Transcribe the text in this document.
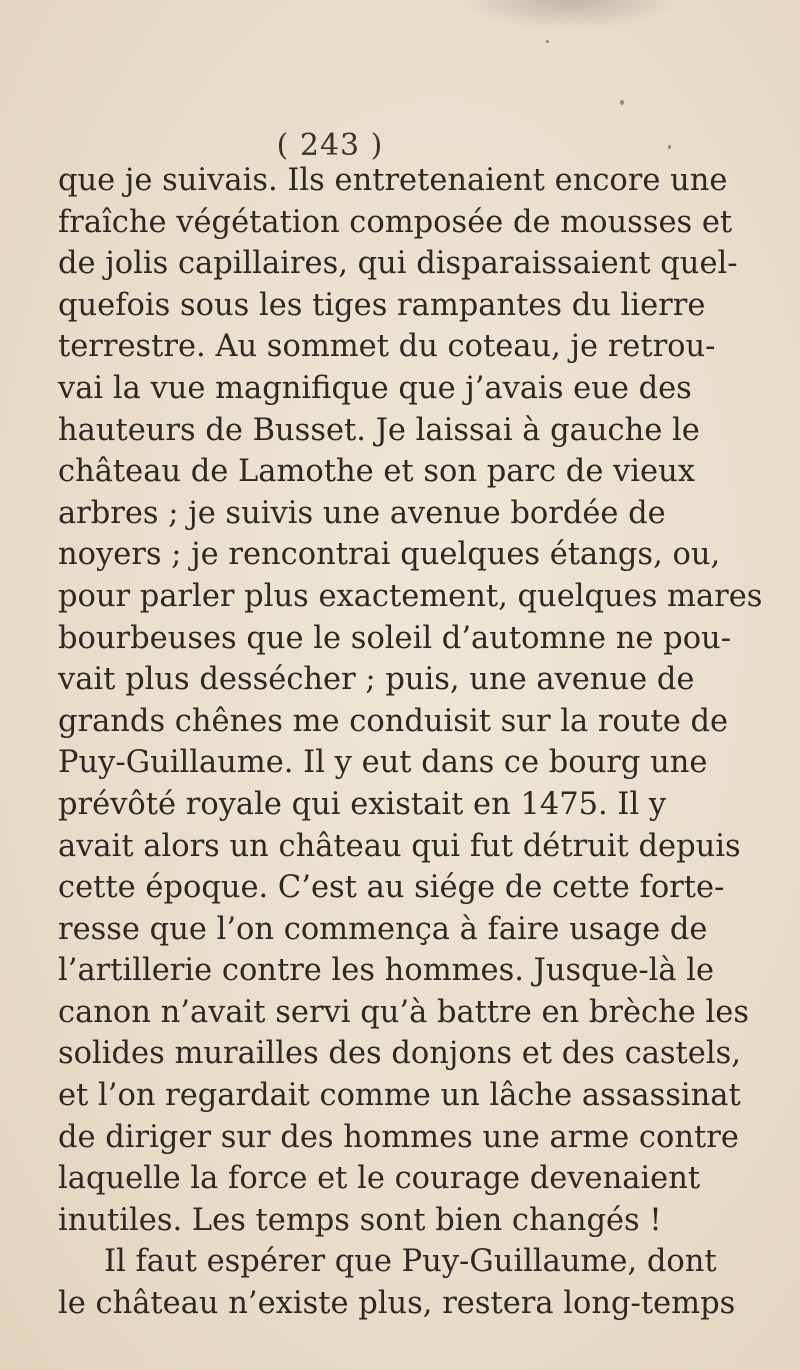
( 243 )
que je suivais. Ils entretenaient encore une
fraîche végétation composée de mousses et
de jolis capillaires, qui disparaissaient quel-
quefois sous les tiges rampantes du lierre
terrestre. Au sommet du coteau, je retrou-
vai la vue magnifique que j’avais eue des
hauteurs de Busset. Je laissai à gauche le
château de Lamothe et son parc de vieux
arbres ; je suivis une avenue bordée de
noyers ; je rencontrai quelques étangs, ou,
pour parler plus exactement, quelques mares
bourbeuses que le soleil d’automne ne pou-
vait plus dessécher ; puis, une avenue de
grands chênes me conduisit sur la route de
Puy-Guillaume. Il y eut dans ce bourg une
prévôté royale qui existait en 1475. Il y
avait alors un château qui fut détruit depuis
cette époque. C’est au siége de cette forte-
resse que l’on commença à faire usage de
l’artillerie contre les hommes. Jusque-là le
canon n’avait servi qu’à battre en brèche les
solides murailles des donjons et des castels,
et l’on regardait comme un lâche assassinat
de diriger sur des hommes une arme contre
laquelle la force et le courage devenaient
inutiles. Les temps sont bien changés !
Il faut espérer que Puy-Guillaume, dont
le château n’existe plus, restera long-temps
